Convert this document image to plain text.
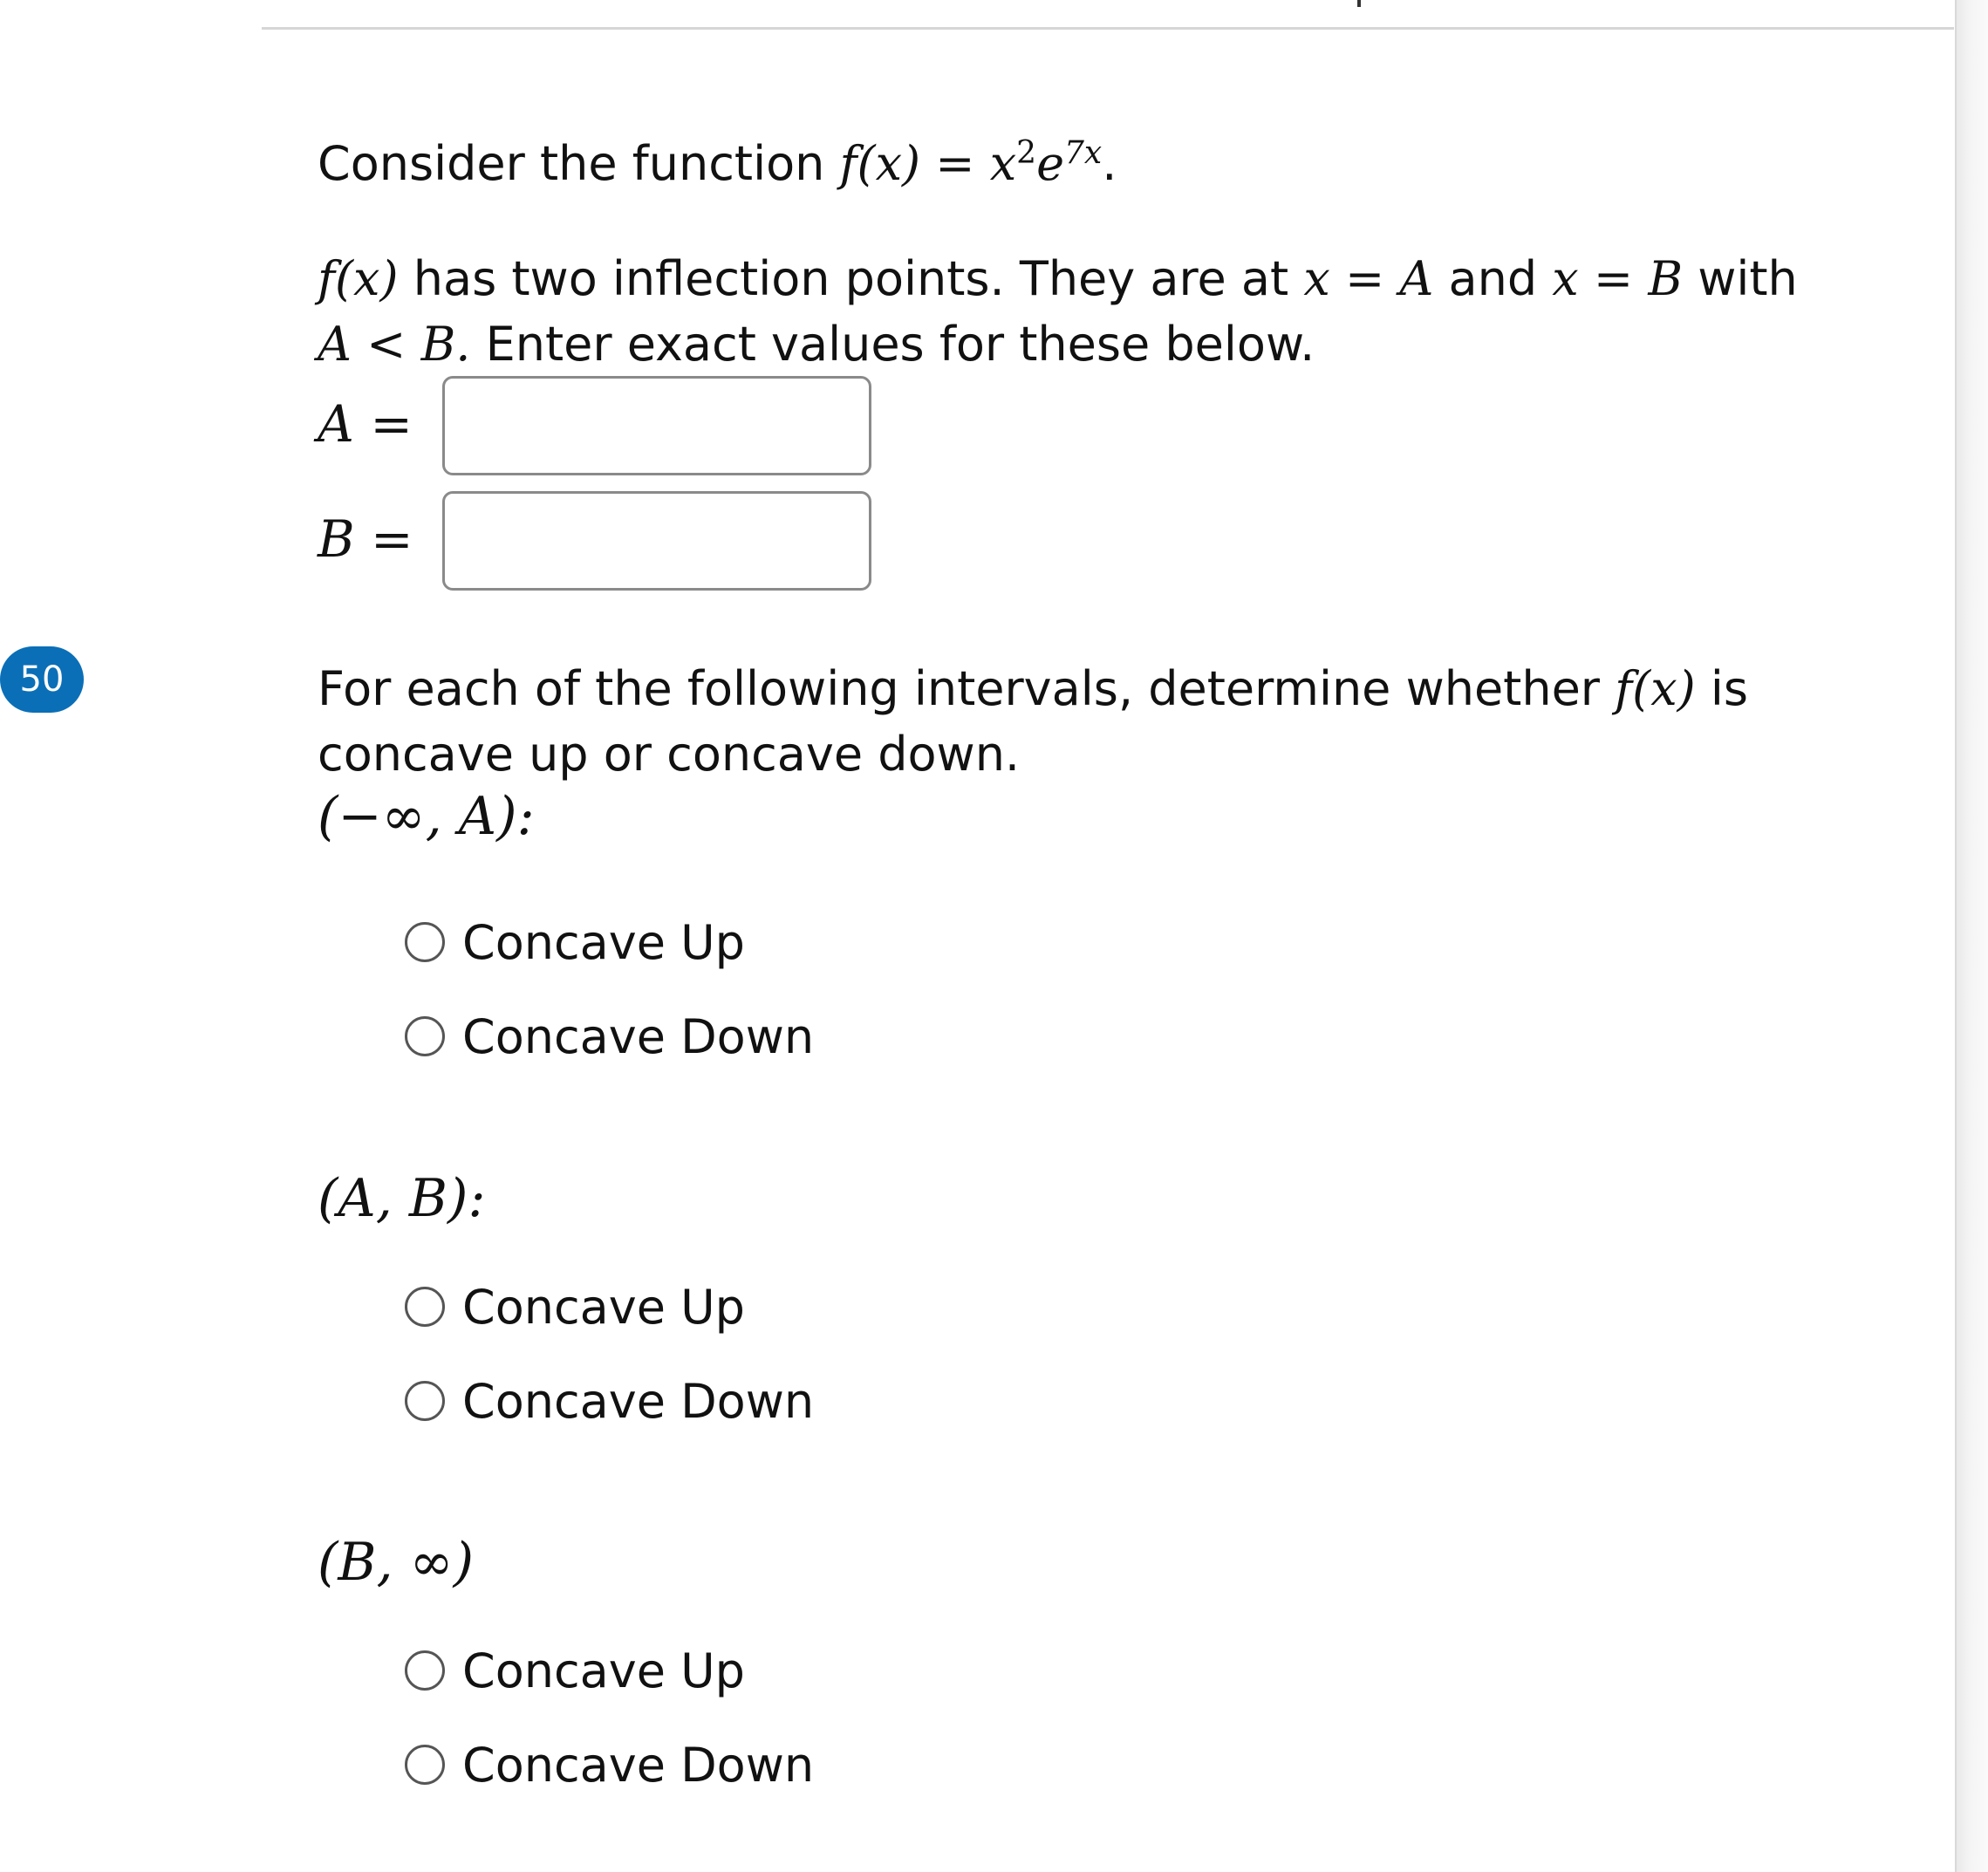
50
Consider the function $f(x) = x^2e^{7x}$.
f(x) has two inflection points. They are at x = A and x = B with
A < B. Enter exact values for these below.
A =
B =
For each of the following intervals, determine whether f(x) is
concave up or concave down.
(−∞, A):
Concave Up
Concave Down
(A, B):
Concave Up
Concave Down
(B, ∞)
Concave Up
Concave Down
